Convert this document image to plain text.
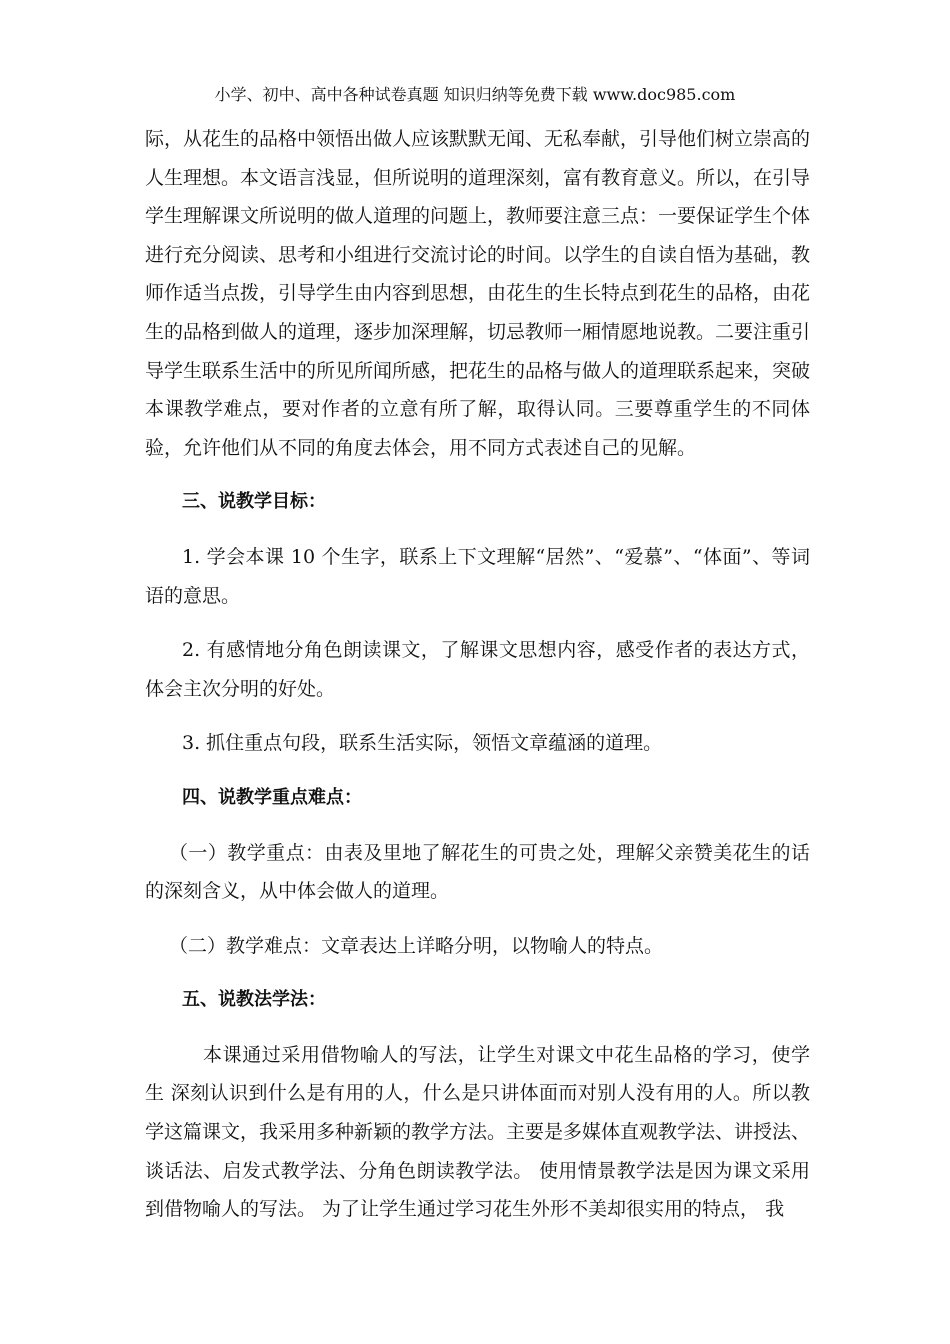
小学、初中、高中各种试卷真题 知识归纳等免费下载 www.doc985.com

际，从花生的品格中领悟出做人应该默默无闻、无私奉献，引导他们树立崇高的人生理想。本文语言浅显，但所说明的道理深刻，富有教育意义。所以，在引导学生理解课文所说明的做人道理的问题上，教师要注意三点：一要保证学生个体进行充分阅读、思考和小组进行交流讨论的时间。以学生的自读自悟为基础，教师作适当点拨，引导学生由内容到思想，由花生的生长特点到花生的品格，由花生的品格到做人的道理，逐步加深理解，切忌教师一厢情愿地说教。二要注重引导学生联系生活中的所见所闻所感，把花生的品格与做人的道理联系起来，突破本课教学难点，要对作者的立意有所了解，取得认同。三要尊重学生的不同体验，允许他们从不同的角度去体会，用不同方式表述自己的见解。

三、说教学目标：

1. 学会本课 10 个生字，联系上下文理解“居然”、“爱慕”、“体面”、等词语的意思。

2. 有感情地分角色朗读课文，了解课文思想内容，感受作者的表达方式，体会主次分明的好处。

3. 抓住重点句段，联系生活实际，领悟文章蕴涵的道理。

四、说教学重点难点：

（一）教学重点：由表及里地了解花生的可贵之处，理解父亲赞美花生的话的深刻含义，从中体会做人的道理。

（二）教学难点：文章表达上详略分明，以物喻人的特点。

五、说教法学法：

本课通过采用借物喻人的写法，让学生对课文中花生品格的学习，使学生 深刻认识到什么是有用的人，什么是只讲体面而对别人没有用的人。所以教学这篇课文，我采用多种新颖的教学方法。主要是多媒体直观教学法、讲授法、谈话法、启发式教学法、分角色朗读教学法。 使用情景教学法是因为课文采用到借物喻人的写法。 为了让学生通过学习花生外形不美却很实用的特点， 我
